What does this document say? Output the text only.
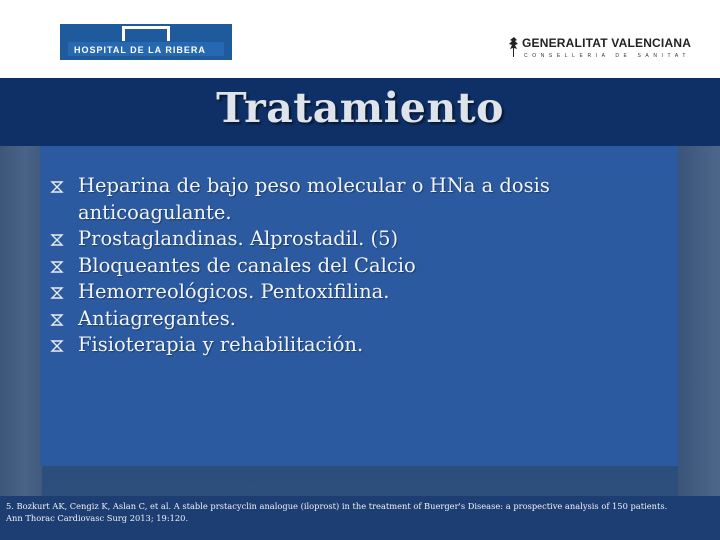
HOSPITAL DE LA RIBERA	GENERALITAT VALENCIANA
CONSELLERIA DE SANITAT
Tratamiento
Heparina de bajo peso molecular o HNa a dosis anticoagulante.
Prostaglandinas. Alprostadil. (5)
Bloqueantes de canales del Calcio
Hemorreológicos. Pentoxifilina.
Antiagregantes.
Fisioterapia y rehabilitación.
5. Bozkurt AK, Cengiz K, Aslan C, et al. A stable prstacyclin analogue (iloprost) in the treatment of Buerger's Disease: a prospective analysis of 150 patients.
Ann Thorac Cardiovasc Surg 2013; 19:120.
